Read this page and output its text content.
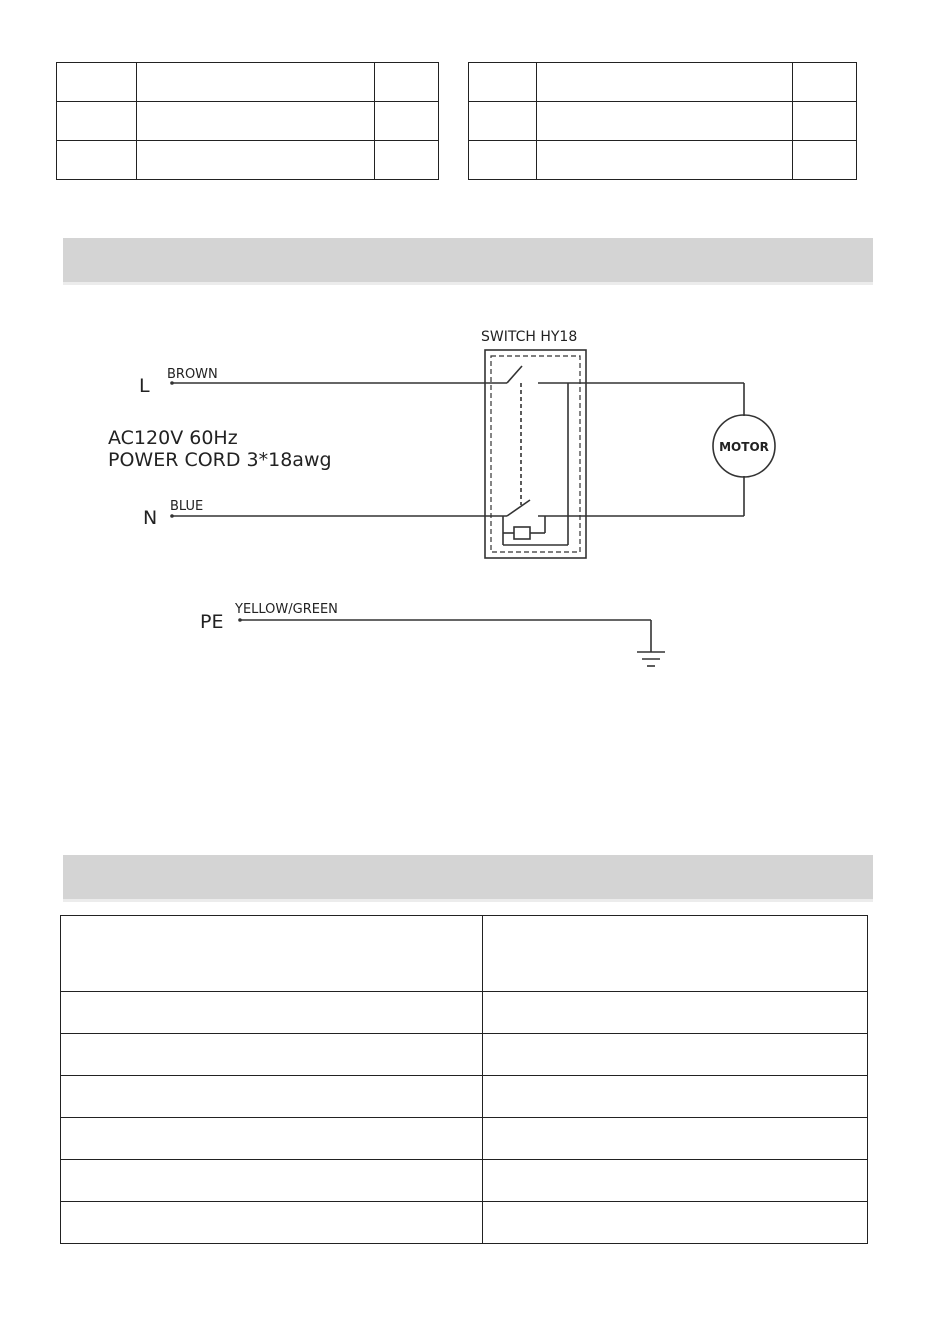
SWITCH HY18
L
BROWN
AC120V 60Hz
POWER CORD 3*18awg
N
BLUE
PE
YELLOW/GREEN
MOTOR
